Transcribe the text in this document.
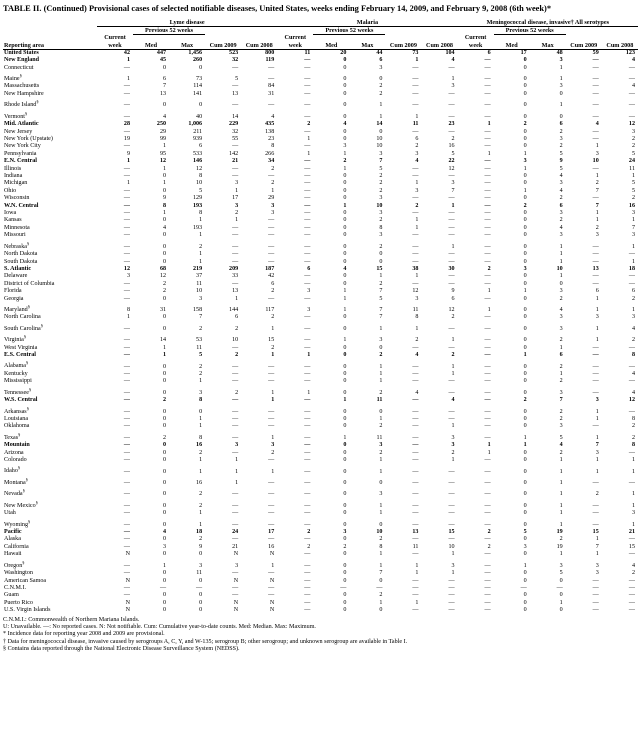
TABLE II. (Continued) Provisional cases of selected notifiable diseases, United States, weeks ending February 14, 2009, and February 9, 2008 (6th week)*
	Lyme disease					Malaria					Meningococcal disease, invasive† All serotypes				
		Previous 52 weeks					Previous 52 weeks					Previous 52 weeks			
Reporting area	Current week	Med	Max	Cum 2009	Cum 2008	Current week	Med	Max	Cum 2009	Cum 2008	Current week	Med	Max	Cum 2009	Cum 2008
United States	42	447	1,456	523	800	11	20	44	73	104	6	17	48	59	123
New England	1	45	260	32	119	—	0	6	1	4	—	0	3	—	4
Connecticut	—	0	0	—	—	—	0	3	—	—	—	0	1	—	—
Maine§	1	6	73	5	—	—	0	0	—	1	—	0	1	—	—
Massachusetts	—	7	114	—	84	—	0	2	—	3	—	0	3	—	4
New Hampshire	—	13	141	13	31	—	0	2	—	—	—	0	0	—	—
Rhode Island§	—	0	0	—	—	—	0	1	—	—	—	0	1	—	—
Vermont§	—	4	40	14	4	—	0	1	1	—	—	0	0	—	—
Mid. Atlantic	28	250	1,006	229	435	2	4	14	11	23	1	2	6	4	12
New Jersey	—	29	211	32	138	—	0	0	—	—	—	0	2	—	3
New York (Upstate)	19	99	939	55	23	1	0	10	6	2	—	0	3	—	2
New York City	—	1	6	—	8	—	3	10	2	16	—	0	2	1	2
Pennsylvania	9	95	533	142	266	1	1	3	3	5	1	1	5	3	5
E.N. Central	1	12	146	21	34	—	2	7	4	22	—	3	9	10	24
Illinois	—	1	12	—	2	—	1	5	—	12	—	1	5	—	11
Indiana	—	0	8	—	—	—	0	2	—	—	—	0	4	1	1
Michigan	1	1	10	3	2	—	0	2	1	3	—	0	3	2	5
Ohio	—	0	5	1	1	—	0	2	3	7	—	1	4	7	5
Wisconsin	—	9	129	17	29	—	0	3	—	—	—	0	2	—	2
W.N. Central	—	8	193	3	3	—	1	10	2	1	—	2	6	7	16
Iowa	—	1	8	2	3	—	0	3	—	—	—	0	3	1	3
Kansas	—	0	1	1	—	—	0	2	1	—	—	0	2	1	1
Minnesota	—	4	193	—	—	—	0	8	1	—	—	0	4	2	7
Missouri	—	0	1	—	—	—	0	3	—	—	—	0	3	3	3
Nebraska§	—	0	2	—	—	—	0	2	—	1	—	0	1	—	1
North Dakota	—	0	1	—	—	—	0	0	—	—	—	0	1	—	—
South Dakota	—	0	1	—	—	—	0	0	—	—	—	0	1	—	1
S. Atlantic	12	68	219	209	187	6	4	15	38	30	2	3	10	13	18
Delaware	3	12	37	33	42	—	0	1	1	—	—	0	1	—	—
District of Columbia	—	2	11	—	6	—	0	2	—	—	—	0	0	—	—
Florida	—	2	10	13	2	3	1	7	12	9	1	1	3	6	6
Georgia	—	0	3	1	—	—	1	5	3	6	—	0	2	1	2
Maryland§	8	31	158	144	117	3	1	7	11	12	1	0	4	1	1
North Carolina	1	0	7	6	2	—	0	7	8	2	—	0	3	3	3
South Carolina§	—	0	2	2	1	—	0	1	1	—	—	0	3	1	4
Virginia§	—	14	53	10	15	—	1	3	2	1	—	0	2	1	2
West Virginia	—	1	11	—	2	—	0	0	—	—	—	0	1	—	—
E.S. Central	—	1	5	2	1	1	0	2	4	2	—	1	6	—	8
Alabama§	—	0	2	—	—	—	0	1	—	1	—	0	2	—	—
Kentucky	—	0	2	—	—	—	0	1	—	1	—	0	1	—	4
Mississippi	—	0	1	—	—	—	0	1	—	—	—	0	2	—	—
Tennessee§	—	0	3	2	1	1	0	2	4	—	—	0	3	—	4
W.S. Central	—	2	8	—	1	—	1	11	—	4	—	2	7	3	12
Arkansas§	—	0	0	—	—	—	0	0	—	—	—	0	2	1	—
Louisiana	—	0	1	—	—	—	0	1	—	—	—	0	2	1	8
Oklahoma	—	0	1	—	—	—	0	2	—	1	—	0	3	—	2
Texas§	—	2	8	—	1	—	1	11	—	3	—	1	5	1	2
Mountain	—	0	16	3	3	—	0	3	—	3	1	1	4	7	8
Arizona	—	0	2	—	2	—	0	2	—	2	1	0	2	3	—
Colorado	—	0	1	1	—	—	0	1	—	1	—	0	1	1	1
Idaho§	—	0	1	1	1	—	0	1	—	—	—	0	1	1	1
Montana§	—	0	16	1	—	—	0	0	—	—	—	0	1	—	—
Nevada§	—	0	2	—	—	—	0	3	—	—	—	0	1	2	1
New Mexico§	—	0	2	—	—	—	0	1	—	—	—	0	1	—	1
Utah	—	0	1	—	—	—	0	1	—	—	—	0	1	—	3
Wyoming§	—	0	1	—	—	—	0	0	—	—	—	0	1	—	1
Pacific	—	4	18	24	17	2	3	10	13	15	2	5	19	15	21
Alaska	—	0	2	—	—	—	0	2	—	—	—	0	2	1	—
California	—	3	9	21	16	2	2	8	11	10	2	3	19	7	15
Hawaii	N	0	0	N	N	—	0	1	—	1	—	0	1	1	—
Oregon§	—	1	3	3	1	—	0	1	1	3	—	1	3	3	4
Washington	—	0	11	—	—	—	0	7	1	1	—	0	5	3	2
American Samoa	N	0	0	N	N	—	0	0	—	—	—	0	0	—	—
C.N.M.I.	—	—	—	—	—	—	—	—	—	—	—	—	—	—	—
Guam	—	0	0	—	—	—	0	2	—	—	—	0	0	—	—
Puerto Rico	N	0	0	N	N	—	0	1	1	—	—	0	1	—	—
U.S. Virgin Islands	N	0	0	N	N	—	0	0	—	—	—	0	0	—	—
C.N.M.I.: Commonwealth of Northern Mariana Islands.
U: Unavailable. —: No reported cases. N: Not notifiable. Cum: Cumulative year-to-date counts. Med: Median. Max: Maximum.
* Incidence data for reporting year 2008 and 2009 are provisional.
† Data for meningococcal disease, invasive caused by serogroups A, C, Y, and W-135; serogroup B; other serogroup; and unknown serogroup are available in Table I.
§ Contains data reported through the National Electronic Disease Surveillance System (NEDSS).
